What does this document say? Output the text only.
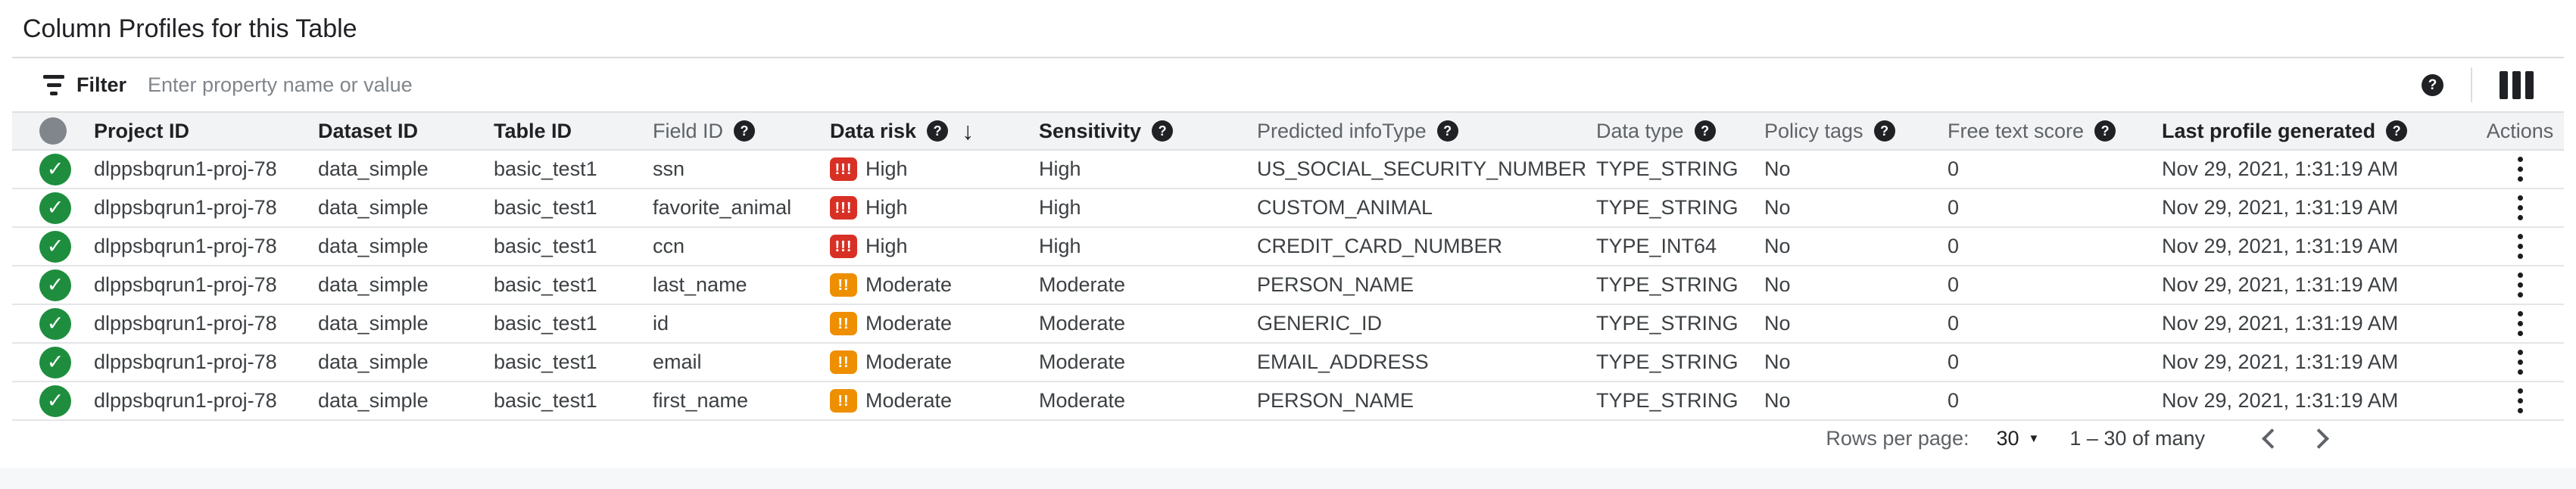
Column Profiles for this Table
Filter
Enter property name or value	?

	Project ID	Dataset ID	Table ID	Field ID ?	Data risk ? ↓	Sensitivity ?	Predicted infoType ?	Data type ?	Policy tags ?	Free text score ?	Last profile generated ?	Actions

✓	dlppsbqrun1-proj-78	data_simple	basic_test1	ssn	!!! High	High	US_SOCIAL_SECURITY_NUMBER	TYPE_STRING	No	0	Nov 29, 2021, 1:31:19 AM	

✓	dlppsbqrun1-proj-78	data_simple	basic_test1	favorite_animal	!!! High	High	CUSTOM_ANIMAL	TYPE_STRING	No	0	Nov 29, 2021, 1:31:19 AM	

✓	dlppsbqrun1-proj-78	data_simple	basic_test1	ccn	!!! High	High	CREDIT_CARD_NUMBER	TYPE_INT64	No	0	Nov 29, 2021, 1:31:19 AM	

✓	dlppsbqrun1-proj-78	data_simple	basic_test1	last_name	!! Moderate	Moderate	PERSON_NAME	TYPE_STRING	No	0	Nov 29, 2021, 1:31:19 AM	

✓	dlppsbqrun1-proj-78	data_simple	basic_test1	id	!! Moderate	Moderate	GENERIC_ID	TYPE_STRING	No	0	Nov 29, 2021, 1:31:19 AM	

✓	dlppsbqrun1-proj-78	data_simple	basic_test1	email	!! Moderate	Moderate	EMAIL_ADDRESS	TYPE_STRING	No	0	Nov 29, 2021, 1:31:19 AM	

✓	dlppsbqrun1-proj-78	data_simple	basic_test1	first_name	!! Moderate	Moderate	PERSON_NAME	TYPE_STRING	No	0	Nov 29, 2021, 1:31:19 AM	
Rows per page: 30 ▼ 1 – 30 of many
